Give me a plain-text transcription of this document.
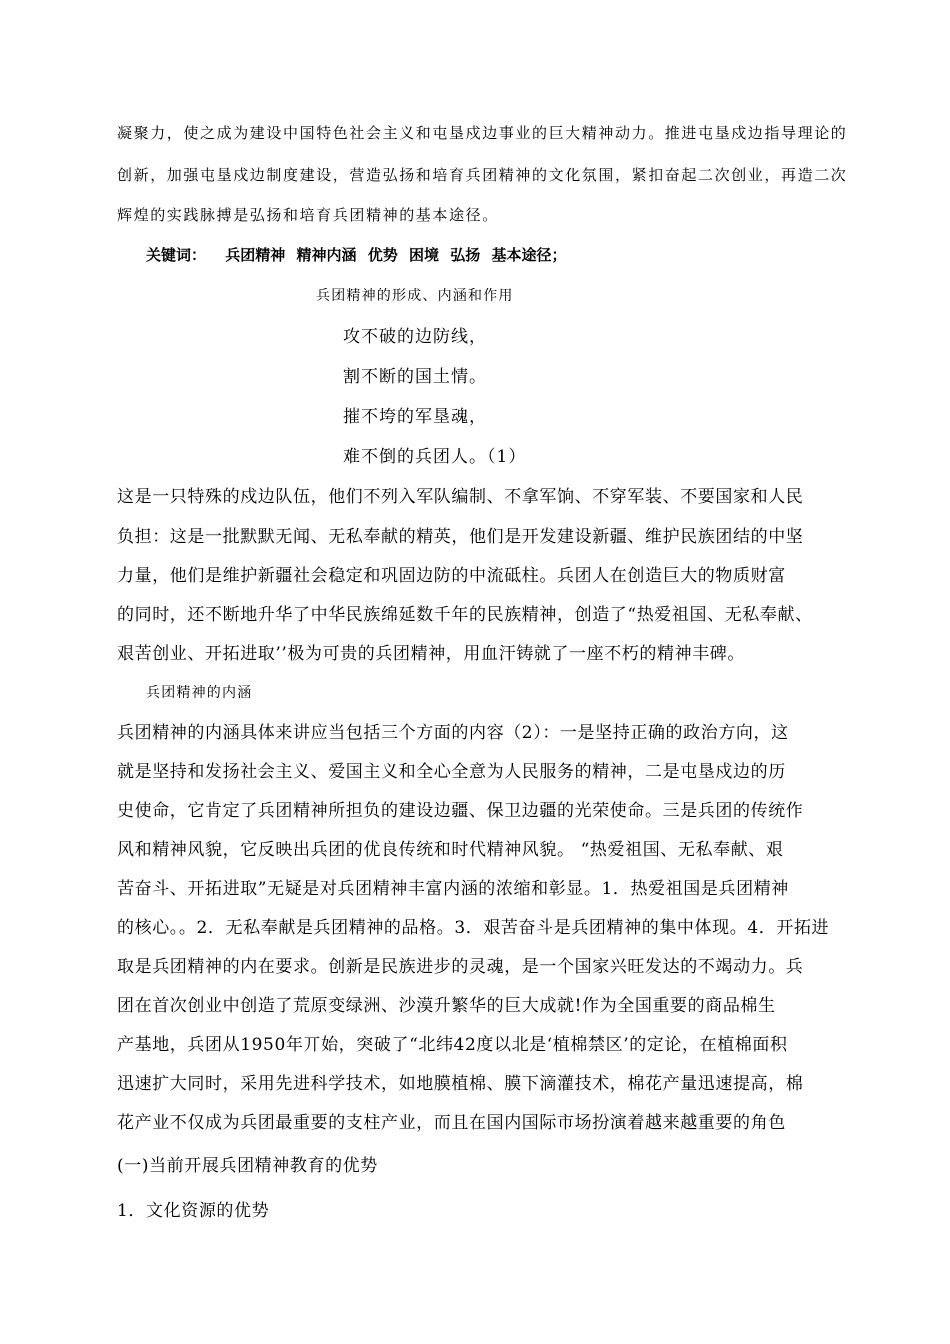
凝聚力，使之成为建设中国特色社会主义和屯垦戍边事业的巨大精神动力。推进屯垦戍边指导理论的
创新，加强屯垦戍边制度建设，营造弘扬和培育兵团精神的文化氛围，紧扣奋起二次创业，再造二次
辉煌的实践脉搏是弘扬和培育兵团精神的基本途径。
关键词： 兵团精神 精神内涵 优势 困境 弘扬 基本途径；
兵团精神的形成、内涵和作用
攻不破的边防线，
割不断的国土情。
摧不垮的军垦魂，
难不倒的兵团人。（1）
这是一只特殊的戍边队伍，他们不列入军队编制、不拿军饷、不穿军装、不要国家和人民
负担：这是一批默默无闻、无私奉献的精英，他们是开发建设新疆、维护民族团结的中坚
力量，他们是维护新疆社会稳定和巩固边防的中流砥柱。兵团人在创造巨大的物质财富
的同时，还不断地升华了中华民族绵延数千年的民族精神，创造了“热爱祖国、无私奉献、
艰苦创业、开拓进取’’极为可贵的兵团精神，用血汗铸就了一座不朽的精神丰碑。
兵团精神的内涵
兵团精神的内涵具体来讲应当包括三个方面的内容（2）：一是坚持正确的政治方向，这
就是坚持和发扬社会主义、爱国主义和全心全意为人民服务的精神，二是屯垦戍边的历
史使命，它肯定了兵团精神所担负的建设边疆、保卫边疆的光荣使命。三是兵团的传统作
风和精神风貌，它反映出兵团的优良传统和时代精神风貌。 “热爱祖国、无私奉献、艰
苦奋斗、开拓进取”无疑是对兵团精神丰富内涵的浓缩和彰显。1．热爱祖国是兵团精神
的核心。。2．无私奉献是兵团精神的品格。3．艰苦奋斗是兵团精神的集中体现。4．开拓进
取是兵团精神的内在要求。创新是民族进步的灵魂，是一个国家兴旺发达的不竭动力。兵
团在首次创业中创造了荒原变绿洲、沙漠升繁华的巨大成就!作为全国重要的商品棉生
产基地，兵团从1950年丌始，突破了“北纬42度以北是‘植棉禁区’的定论，在植棉面积
迅速扩大同时，采用先进科学技术，如地膜植棉、膜下滴灌技术，棉花产量迅速提高，棉
花产业不仅成为兵团最重要的支柱产业，而且在国内国际市场扮演着越来越重要的角色
(一)当前开展兵团精神教育的优势
1．文化资源的优势
